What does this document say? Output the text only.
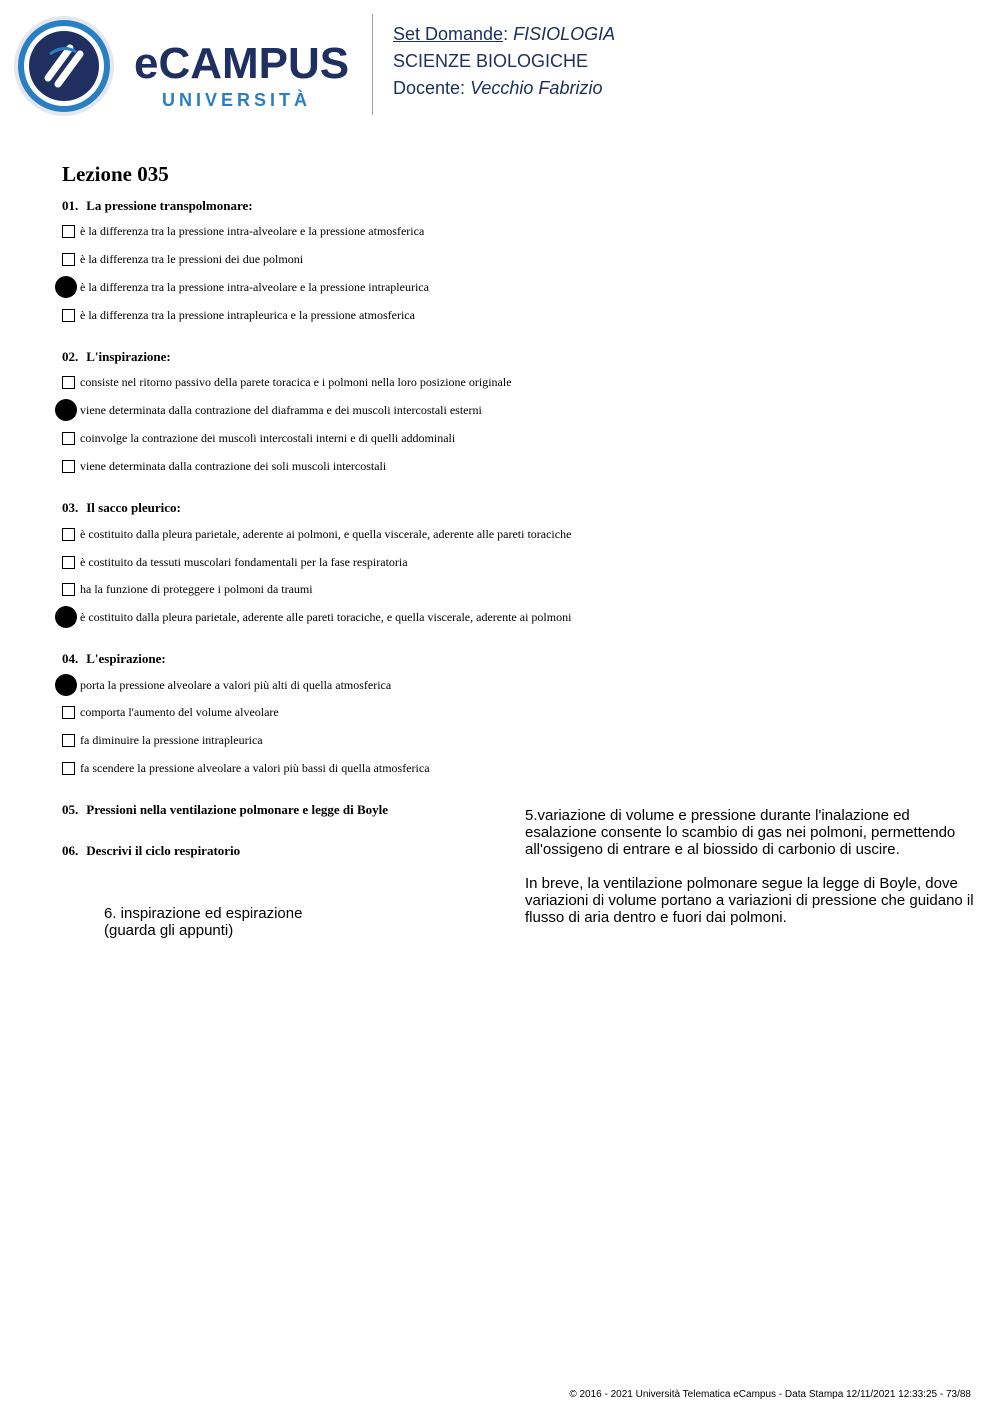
eCAMPUS
UNIVERSITÀ
Set Domande: FISIOLOGIA
SCIENZE BIOLOGICHE
Docente: Vecchio Fabrizio
Lezione 035
01. La pressione transpolmonare:
è la differenza tra la pressione intra-alveolare e la pressione atmosferica
è la differenza tra le pressioni dei due polmoni
è la differenza tra la pressione intra-alveolare e la pressione intrapleurica
è la differenza tra la pressione intrapleurica e la pressione atmosferica
02. L'inspirazione:
consiste nel ritorno passivo della parete toracica e i polmoni nella loro posizione originale
viene determinata dalla contrazione del diaframma e dei muscoli intercostali esterni
coinvolge la contrazione dei muscoli intercostali interni e di quelli addominali
viene determinata dalla contrazione dei soli muscoli intercostali
03. Il sacco pleurico:
è costituito dalla pleura parietale, aderente ai polmoni, e quella viscerale, aderente alle pareti toraciche
è costituito da tessuti muscolari fondamentali per la fase respiratoria
ha la funzione di proteggere i polmoni da traumi
è costituito dalla pleura parietale, aderente alle pareti toraciche, e quella viscerale, aderente ai polmoni
04. L'espirazione:
porta la pressione alveolare a valori più alti di quella atmosferica
comporta l'aumento del volume alveolare
fa diminuire la pressione intrapleurica
fa scendere la pressione alveolare a valori più bassi di quella atmosferica
05. Pressioni nella ventilazione polmonare e legge di Boyle
06. Descrivi il ciclo respiratorio
5.variazione di volume e pressione durante l'inalazione ed esalazione consente lo scambio di gas nei polmoni, permettendo all'ossigeno di entrare e al biossido di carbonio di uscire.
In breve, la ventilazione polmonare segue la legge di Boyle, dove variazioni di volume portano a variazioni di pressione che guidano il flusso di aria dentro e fuori dai polmoni.
6. inspirazione ed espirazione
(guarda gli appunti)
© 2016 - 2021 Università Telematica eCampus - Data Stampa 12/11/2021 12:33:25 - 73/88
